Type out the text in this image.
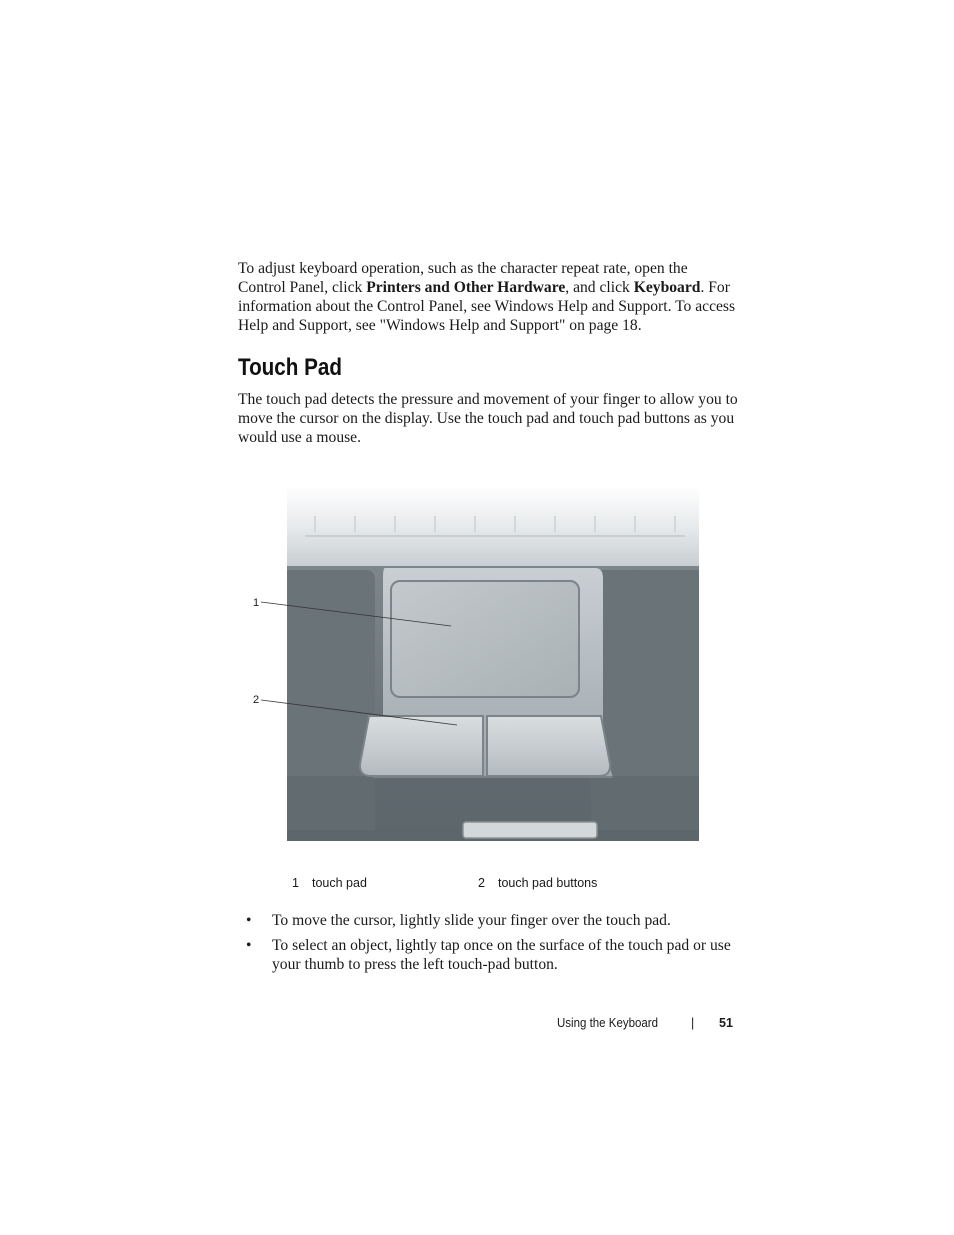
To adjust keyboard operation, such as the character repeat rate, open the Control Panel, click Printers and Other Hardware, and click Keyboard. For information about the Control Panel, see Windows Help and Support. To access Help and Support, see "Windows Help and Support" on page 18.

Touch Pad

The touch pad detects the pressure and movement of your finger to allow you to move the cursor on the display. Use the touch pad and touch pad buttons as you would use a mouse.

1
2
1 touch pad	2 touch pad buttons
• To move the cursor, lightly slide your finger over the touch pad.
• To select an object, lightly tap once on the surface of the touch pad or use your thumb to press the left touch-pad button.
Using the Keyboard	| 51
